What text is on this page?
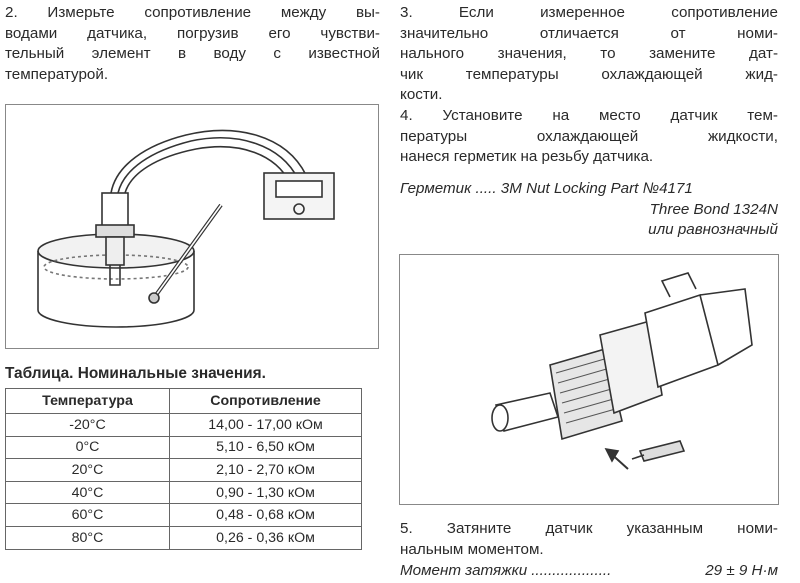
2. Измерьте сопротивление между вы-
водами датчика, погрузив его чувстви-
тельный элемент в воду с известной
температурой.
Таблица. Номинальные значения.
Температура	Сопротивление
-20°C	14,00 - 17,00 кОм
0°C	5,10 - 6,50 кОм
20°C	2,10 - 2,70 кОм
40°C	0,90 - 1,30 кОм
60°C	0,48 - 0,68 кОм
80°C	0,26 - 0,36 кОм
3. Если измеренное сопротивление
значительно отличается от номи-
нального значения, то замените дат-
чик температуры охлаждающей жид-
кости.
4. Установите на место датчик тем-
пературы охлаждающей жидкости,
нанеся герметик на резьбу датчика.
Герметик ..... 3M Nut Locking Part №4171
Three Bond 1324N
или равнозначный
5. Затяните датчик указанным номи-
нальным моментом.
Момент затяжки ...................	29 ± 9 Н·м
